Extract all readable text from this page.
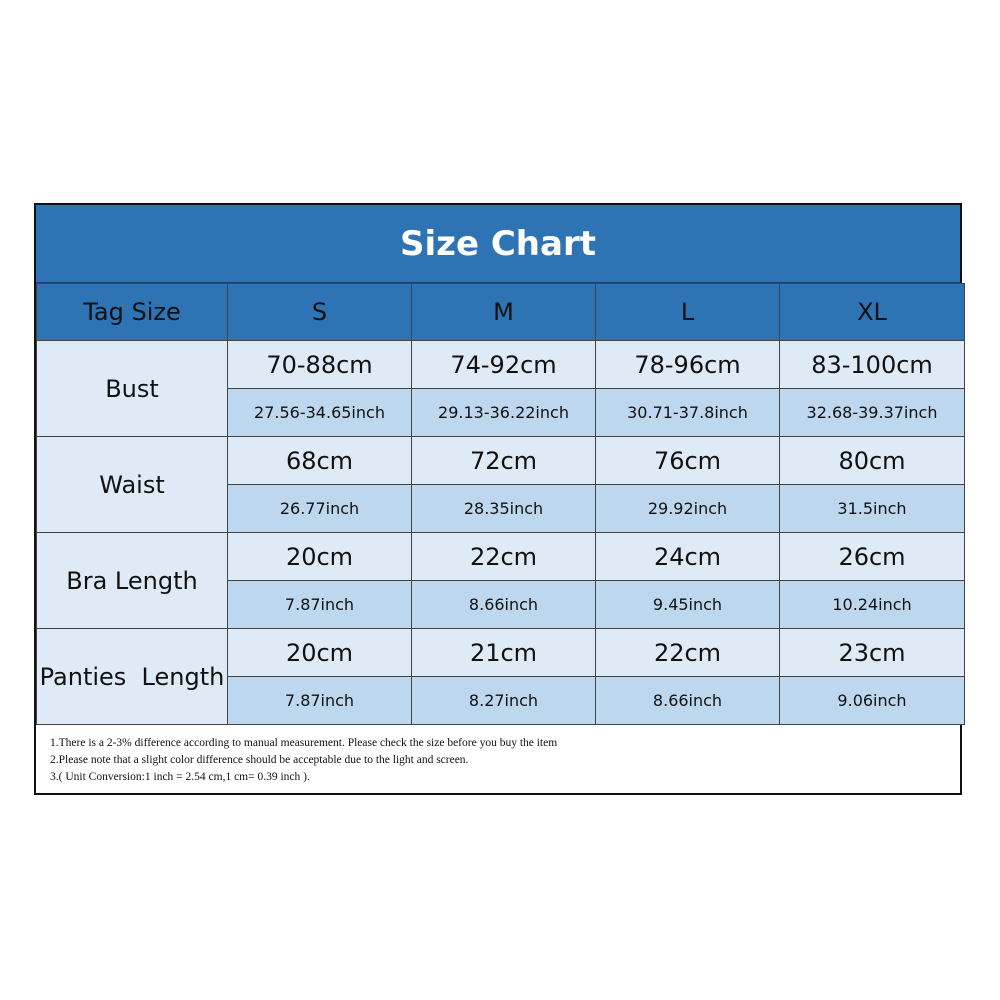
Size Chart
Tag Size	S	M	L	XL
Bust	70-88cm	74-92cm	78-96cm	83-100cm
	27.56-34.65inch	29.13-36.22inch	30.71-37.8inch	32.68-39.37inch
Waist	68cm	72cm	76cm	80cm
	26.77inch	28.35inch	29.92inch	31.5inch
Bra Length	20cm	22cm	24cm	26cm
	7.87inch	8.66inch	9.45inch	10.24inch
Panties  Length	20cm	21cm	22cm	23cm
	7.87inch	8.27inch	8.66inch	9.06inch
1.There is a 2-3% difference according to manual measurement. Please check the size before you buy the item
2.Please note that a slight color difference should be acceptable due to the light and screen.
3.( Unit Conversion:1 inch = 2.54 cm,1 cm= 0.39 inch ).
